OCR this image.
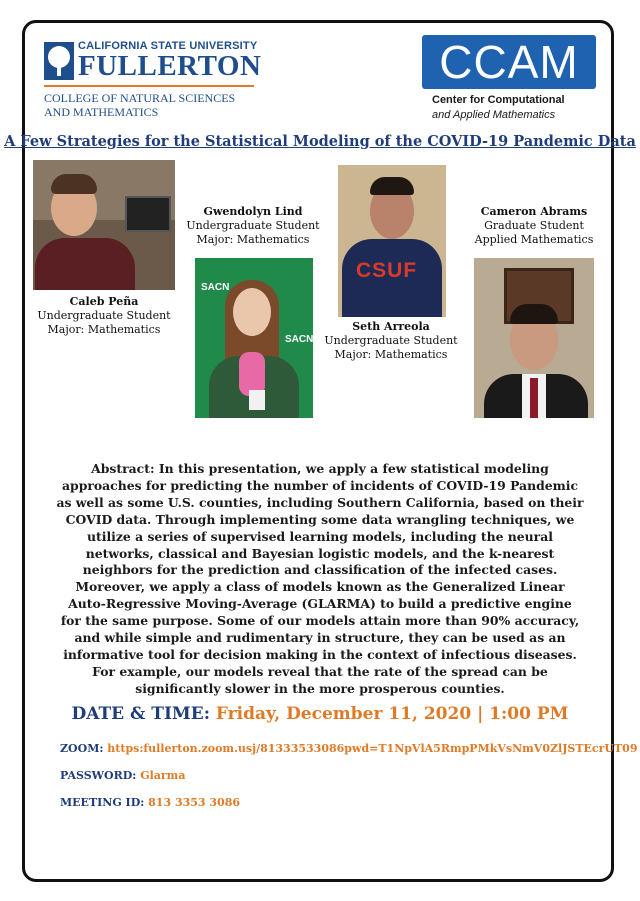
CALIFORNIA STATE UNIVERSITY
FULLERTON
COLLEGE OF NATURAL SCIENCES
AND MATHEMATICS
CCAM
Center for Computational
and Applied Mathematics
A Few Strategies for the Statistical Modeling of the COVID-19 Pandemic Data
Caleb Peña
Undergraduate Student
Major: Mathematics
Gwendolyn Lind
Undergraduate Student
Major: Mathematics
SACN
SACN
CSUF
Seth Arreola
Undergraduate Student
Major: Mathematics
Cameron Abrams
Graduate Student
Applied Mathematics
Abstract: In this presentation, we apply a few statistical modeling approaches for predicting the number of incidents of COVID-19 Pandemic as well as some U.S. counties, including Southern California, based on their COVID data. Through implementing some data wrangling techniques, we utilize a series of supervised learning models, including the neural networks, classical and Bayesian logistic models, and the k-nearest neighbors for the prediction and classification of the infected cases. Moreover, we apply a class of models known as the Generalized Linear Auto-Regressive Moving-Average (GLARMA) to build a predictive engine for the same purpose. Some of our models attain more than 90% accuracy, and while simple and rudimentary in structure, they can be used as an informative tool for decision making in the context of infectious diseases. For example, our models reveal that the rate of the spread can be significantly slower in the more prosperous counties.
DATE & TIME: Friday, December 11, 2020 | 1:00 PM
ZOOM: https:fullerton.zoom.usj/81333533086pwd=T1NpVlA5RmpPMkVsNmV0ZlJSTEcrUT09
PASSWORD: Glarma
MEETING ID: 813 3353 3086
